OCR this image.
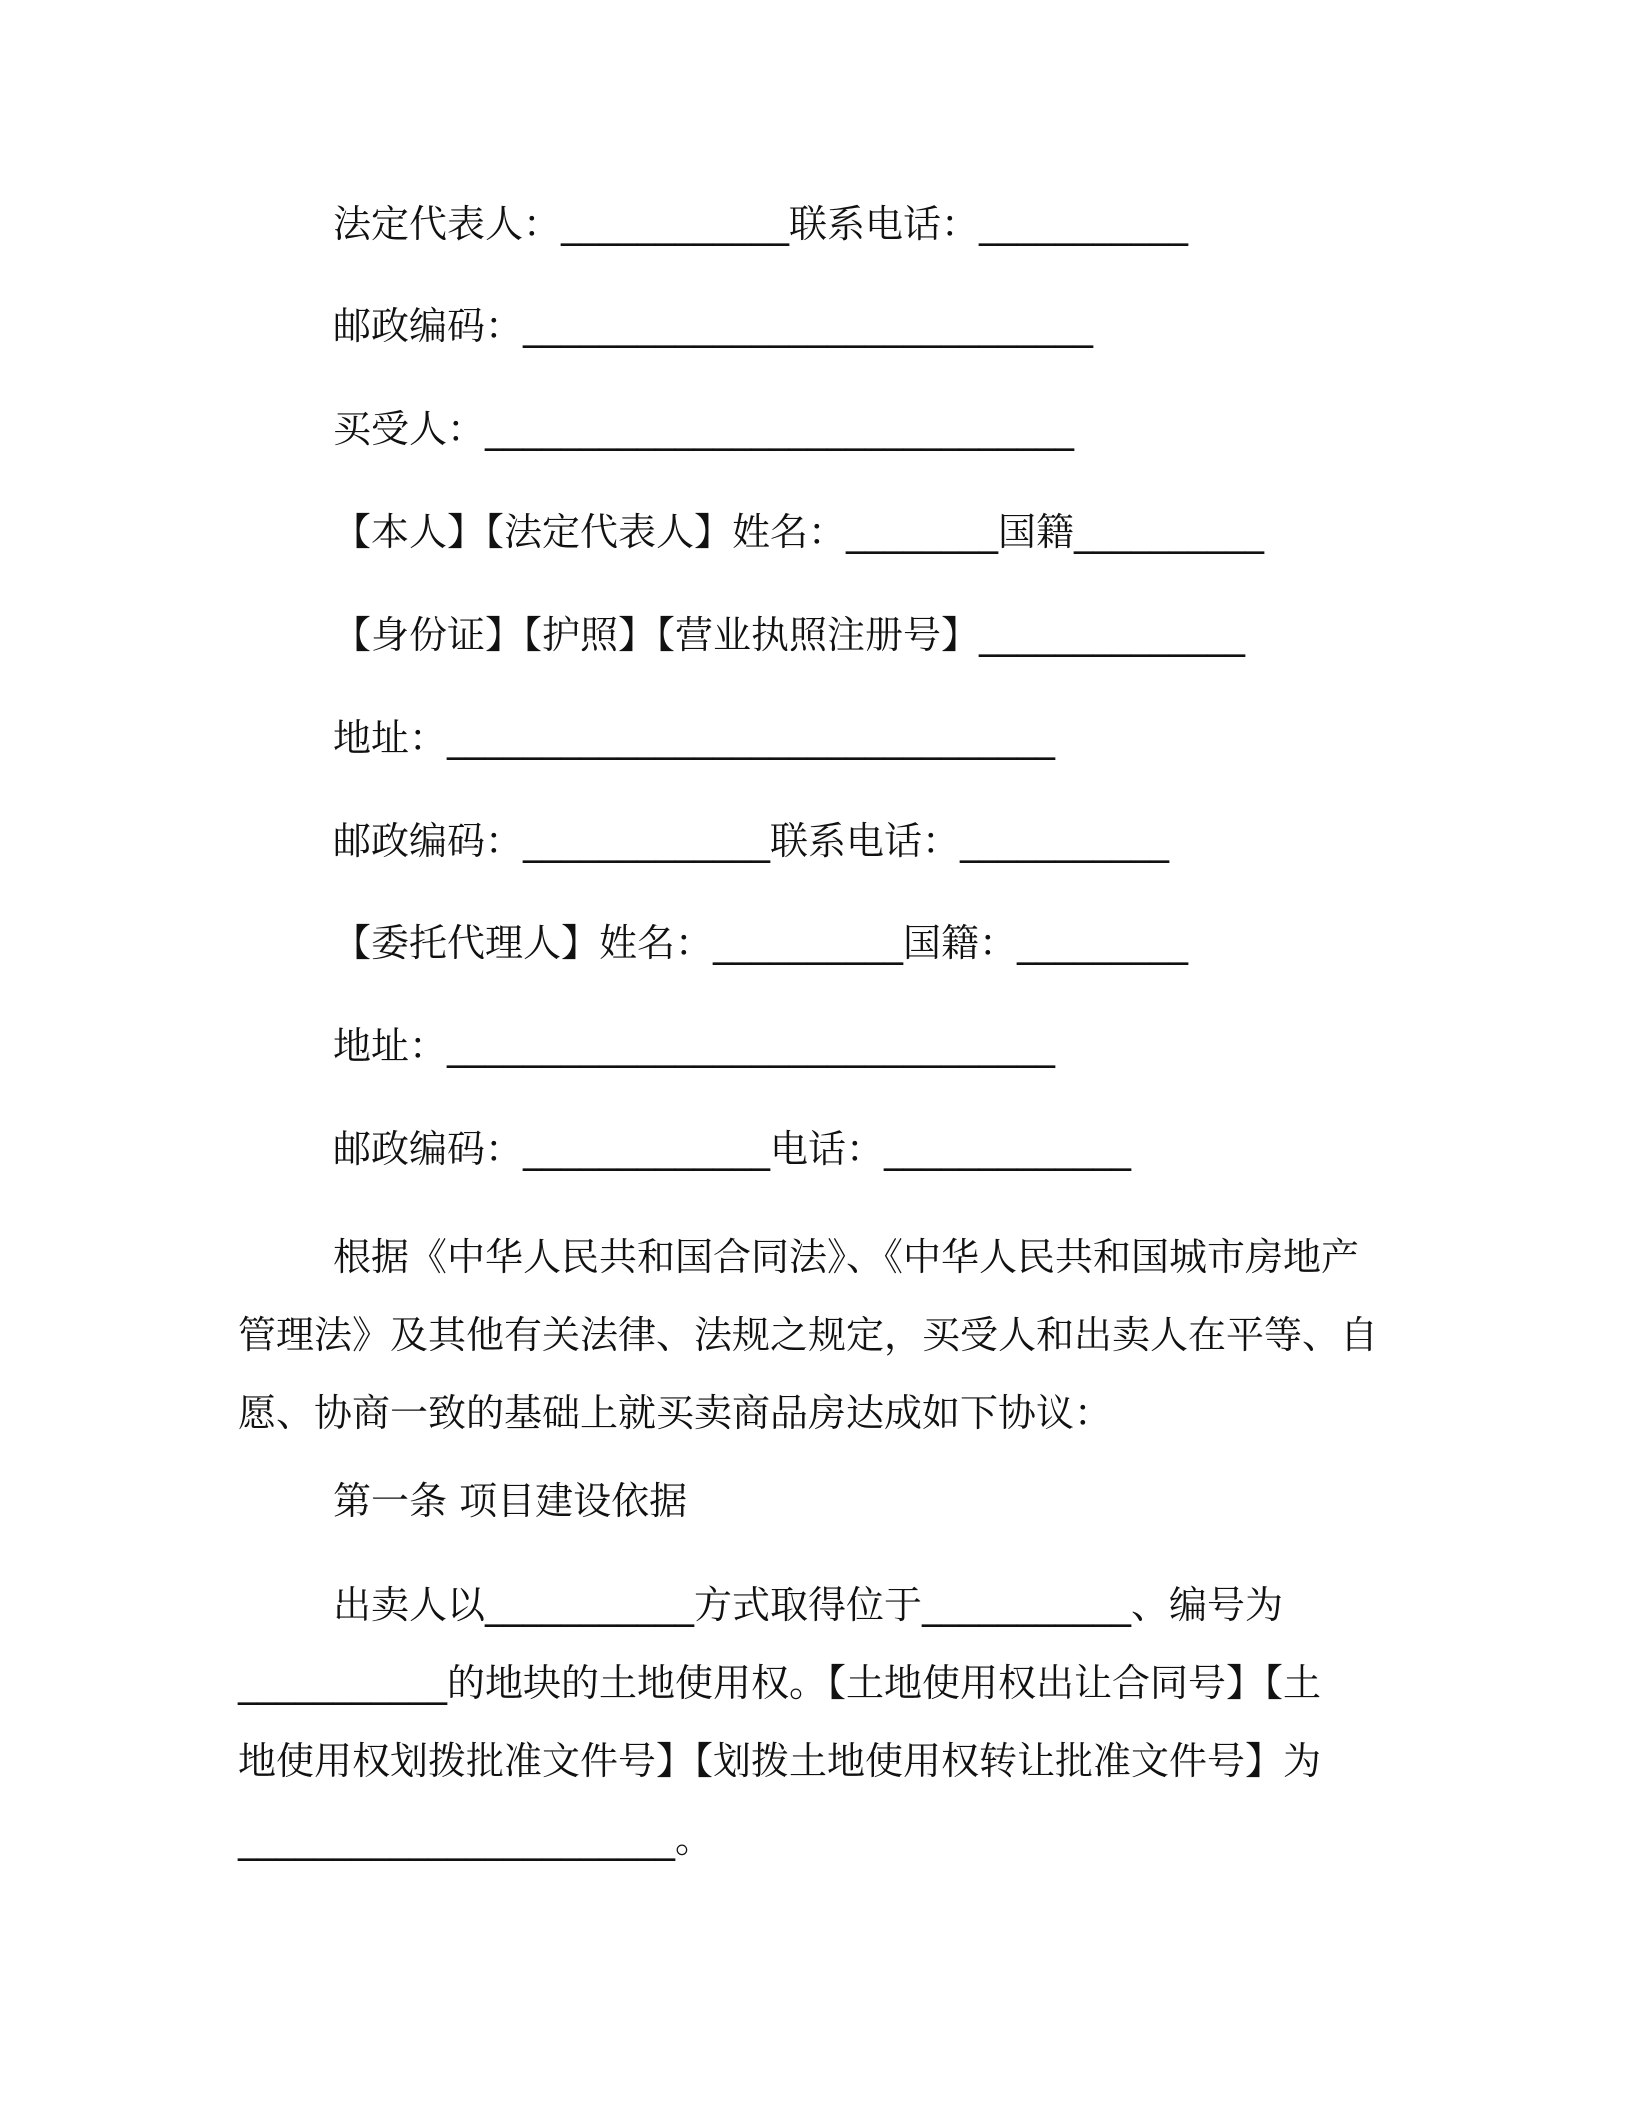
法定代表人：____________联系电话：___________
邮政编码：______________________________
买受人：_______________________________
【本人】【法定代表人】姓名：________国籍__________
【身份证】【护照】【营业执照注册号】______________
地址：________________________________
邮政编码：_____________联系电话：___________
【委托代理人】姓名：__________国籍：_________
地址：________________________________
邮政编码：_____________电话：_____________
根据《中华人民共和国合同法》、《中华人民共和国城市房地产
管理法》及其他有关法律、法规之规定，买受人和出卖人在平等、自
愿、协商一致的基础上就买卖商品房达成如下协议：
第一条 项目建设依据
出卖人以___________方式取得位于___________、编号为
___________的地块的土地使用权。【土地使用权出让合同号】【土
地使用权划拨批准文件号】【划拨土地使用权转让批准文件号】为
_______________________。
